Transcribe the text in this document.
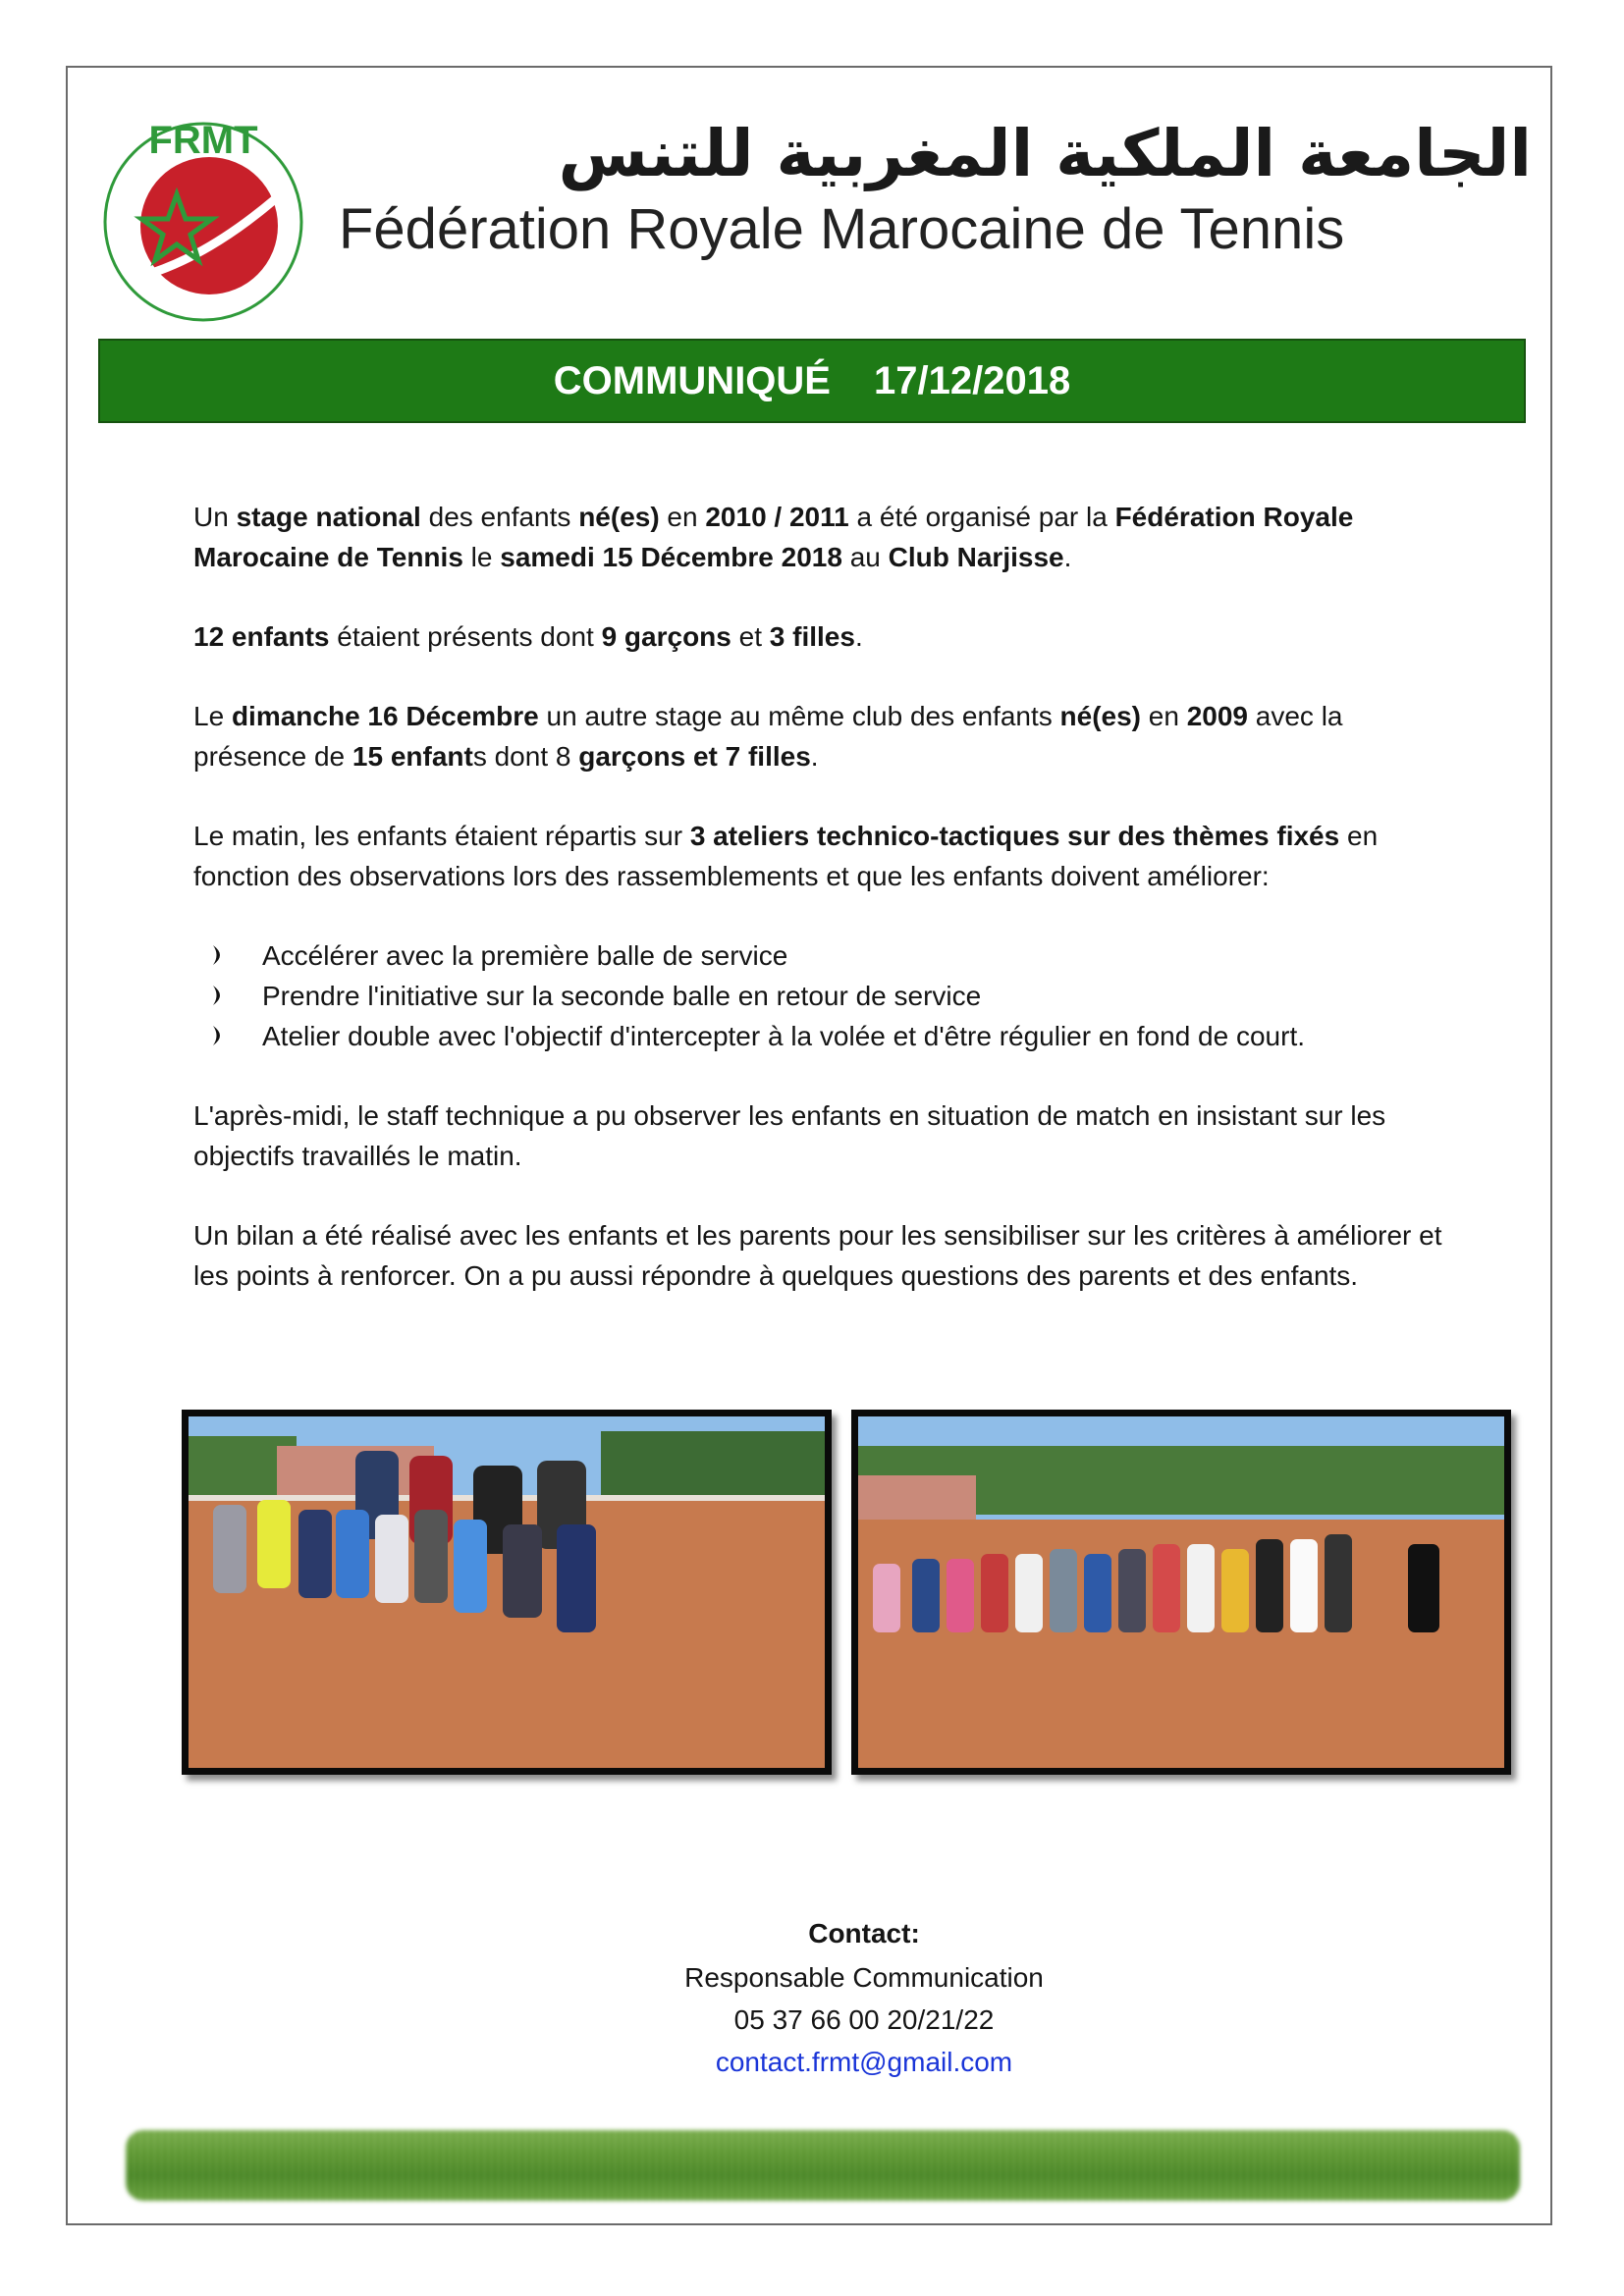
FRMT	الجامعة الملكية المغربية للتنس
Fédération Royale Marocaine de Tennis
COMMUNIQUÉ 17/12/2018

Un stage national des enfants né(es) en 2010 / 2011 a été organisé par la Fédération Royale Marocaine de Tennis le samedi 15 Décembre 2018 au Club Narjisse.

12 enfants étaient présents dont 9 garçons et 3 filles.

Le dimanche 16 Décembre un autre stage au même club des enfants né(es) en 2009 avec la présence de 15 enfants dont 8 garçons et 7 filles.

Le matin, les enfants étaient répartis sur 3 ateliers technico-tactiques sur des thèmes fixés en fonction des observations lors des rassemblements et que les enfants doivent améliorer:

Accélérer avec la première balle de service
Prendre l'initiative sur la seconde balle en retour de service
Atelier double avec l'objectif d'intercepter à la volée et d'être régulier en fond de court.

L'après-midi, le staff technique a pu observer les enfants en situation de match en insistant sur les objectifs travaillés le matin.

Un bilan a été réalisé avec les enfants et les parents pour les sensibiliser sur les critères à améliorer et les points à renforcer. On a pu aussi répondre à quelques questions des parents et des enfants.

Contact:
Responsable Communication
05 37 66 00 20/21/22
contact.frmt@gmail.com
